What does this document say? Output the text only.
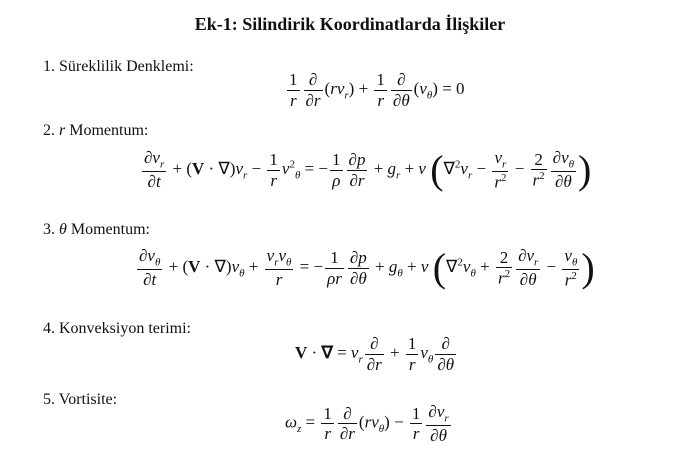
Ek-1: Silindirik Koordinatlarda İlişkiler
1. Süreklilik Denklemi:
$\frac{1}{r} \frac{\partial}{\partial r} (rv_r) + \frac{1}{r} \frac{\partial}{\partial\theta} (v_\theta) = 0$
2. r Momentum:
$\frac{\partial v_r}{\partial t} + (V \cdot \nabla)v_r - \frac{1}{r} v^2_\theta$ = − $\frac{1}{\rho} \frac{\partial p}{\partial r} + g_r + \nu$ ($\nabla^2v_r - \frac{v_r}{r^2} - \frac{2}{r^2} \frac{\partial v_\theta}{\partial\theta}$ )
3. θ Momentum:
$\frac{\partial v_\theta}{\partial t} + (V \cdot \nabla)v_\theta + \frac{v_rv_\theta}{r}$ = − $\frac{1}{\rho r} \frac{\partial p}{\partial\theta} + g_\theta + \nu$ ($\nabla^2v_\theta + \frac{2}{r^2} \frac{\partial v_r}{\partial\theta} - \frac{v_\theta}{r^2}$ )
4. Konveksiyon terimi:
V · ∇ = $v_r \frac{\partial}{\partial r} + \frac{1}{r} v_\theta \frac{\partial}{\partial\theta}$
5. Vortisite:
$\omega_z = \frac{1}{r} \frac{\partial}{\partial r} (rv_\theta) - \frac{1}{r} \frac{\partial v_r}{\partial\theta}$
